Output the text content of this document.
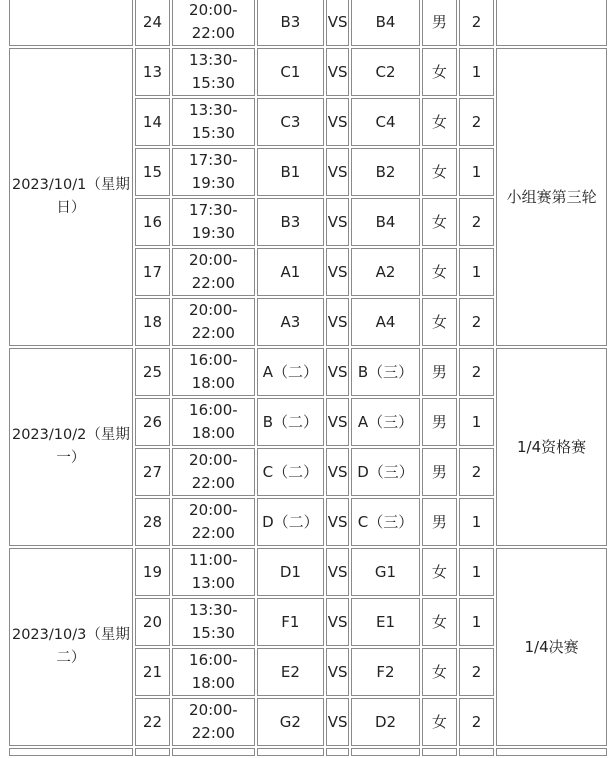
	24	20:00-22:00	B3	VS	B4	男	2	
2023/10/1（星期日）	13	13:30-15:30	C1	VS	C2	女	1	小组赛第三轮
	14	13:30-15:30	C3	VS	C4	女	2	
	15	17:30-19:30	B1	VS	B2	女	1	
	16	17:30-19:30	B3	VS	B4	女	2	
	17	20:00-22:00	A1	VS	A2	女	1	
	18	20:00-22:00	A3	VS	A4	女	2	
2023/10/2（星期一）	25	16:00-18:00	A（二）	VS	B（三）	男	2	1/4资格赛
	26	16:00-18:00	B（二）	VS	A（三）	男	1	
	27	20:00-22:00	C（二）	VS	D（三）	男	2	
	28	20:00-22:00	D（二）	VS	C（三）	男	1	
2023/10/3（星期二）	19	11:00-13:00	D1	VS	G1	女	1	1/4决赛
	20	13:30-15:30	F1	VS	E1	女	1	
	21	16:00-18:00	E2	VS	F2	女	2	
	22	20:00-22:00	G2	VS	D2	女	2	
